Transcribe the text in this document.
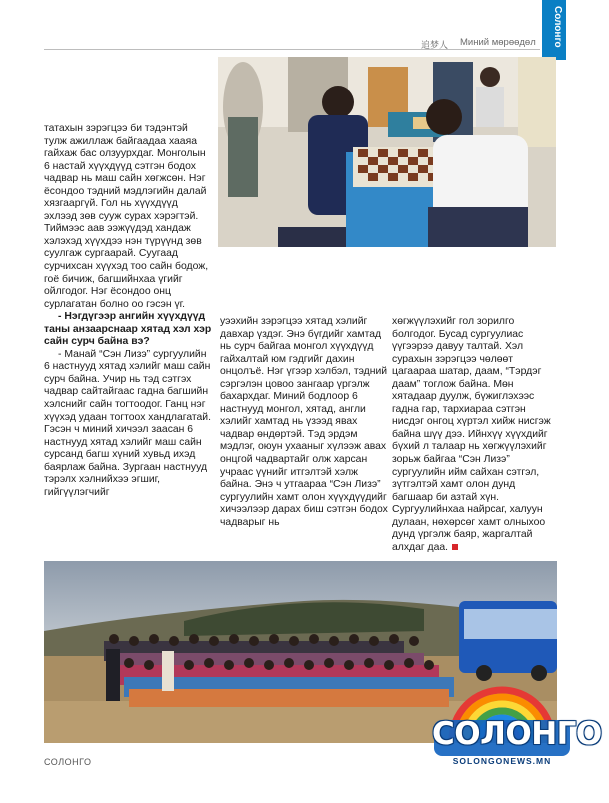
追梦人 Миний мөрөөдөл	Солонго

татахын зэрэгцээ би тэдэнтэй тулж ажиллаж байгаадаа хааяа гайхаж бас олзуурхдаг. Монголын 6 настай хүүхдүүд сэтгэн бодох чадвар нь маш сайн хөгжсөн. Нэг ёсондоо тэдний мэдлэгийн далай хязгааргүй. Гол нь хүүхдүүд эхлээд зөв сууж сурах хэрэгтэй. Тиймээс аав ээжүүдэд хандаж хэлэхэд хүүхдээ нэн түрүүнд зөв суулгаж сургаарай. Суугаад сурчихсан хүүхэд тоо сайн бодож, гоё бичиж, багшийнхаа үгийг ойлгодог. Нэг ёсондоо онц сурлагатан болно оо гэсэн үг.

- Нэгдүгээр ангийн хүүхдүүд таны анзаарснаар хятад хэл хэр сайн сурч байна вэ?

- Манай “Сэн Лизэ” сургуулийн 6 настнууд хятад хэлийг маш сайн сурч байна. Учир нь тэд сэтгэх чадвар сайтайгаас гадна багшийн хэлснийг сайн тогтоодог. Ганц нэг хүүхэд удаан тогтоох хандлагатай. Гэсэн ч миний хичээл заасан 6 настнууд хятад хэлийг маш сайн сурсанд багш хүний хувьд ихэд баярлаж байна. Зургаан настнууд тэрэлх хэлнийхээ эгшиг, гийгүүлэгчийг

уээхийн зэрэгцээ хятад хэлийг давхар үздэг. Энэ бүгдийг хамтад нь сурч байгаа монгол хүүхдүүд гайхалтай юм гэдгийг дахин онцолъё. Нэг үгээр хэлбэл, тэдний сэргэлэн цовоо зангаар үргэлж бахархдаг. Миний бодлоор 6 настнууд монгол, хятад, англи хэлийг хамтад нь үзээд явах чадвар өндөртэй. Тэд эрдэм мэдлэг, оюун ухааныг хүлээж авах онцгой чадвартайг олж харсан учраас үүнийг итгэлтэй хэлж байна. Энэ ч утгаараа “Сэн Лизэ” сургуулийн хамт олон хүүхдүүдийг хичээлээр дарах биш сэтгэн бодох чадварыг нь

хөгжүүлэхийг гол зорилго болгодог. Бусад сургуулиас үүгээрээ давуу талтай. Хэл сурахын зэрэгцээ чөлөөт цагаараа шатар, даам, “Тэрдэг даам” тоглож байна. Мөн хятадаар дуулж, бүжиглэхээс гадна гар, тархиараа сэтгэн нисдэг онгоц хүртэл хийж нисгэж байна шүү дээ. Ийнхүү хүүхдийг бүхий л талаар нь хөгжүүлэхийг зорьж байгаа “Сэн Лизэ” сургуулийн ийм сайхан сэтгэл, зүтгэлтэй хамт олон дунд багшаар би азтай хүн. Сургуулийнхаа найрсаг, халуун дулаан, нөхөрсөг хамт олныхоо дунд үргэлж баяр, жаргалтай алхдаг даа.

СОЛОНГО
СОЛОНГО
SOLONGONEWS.MN
